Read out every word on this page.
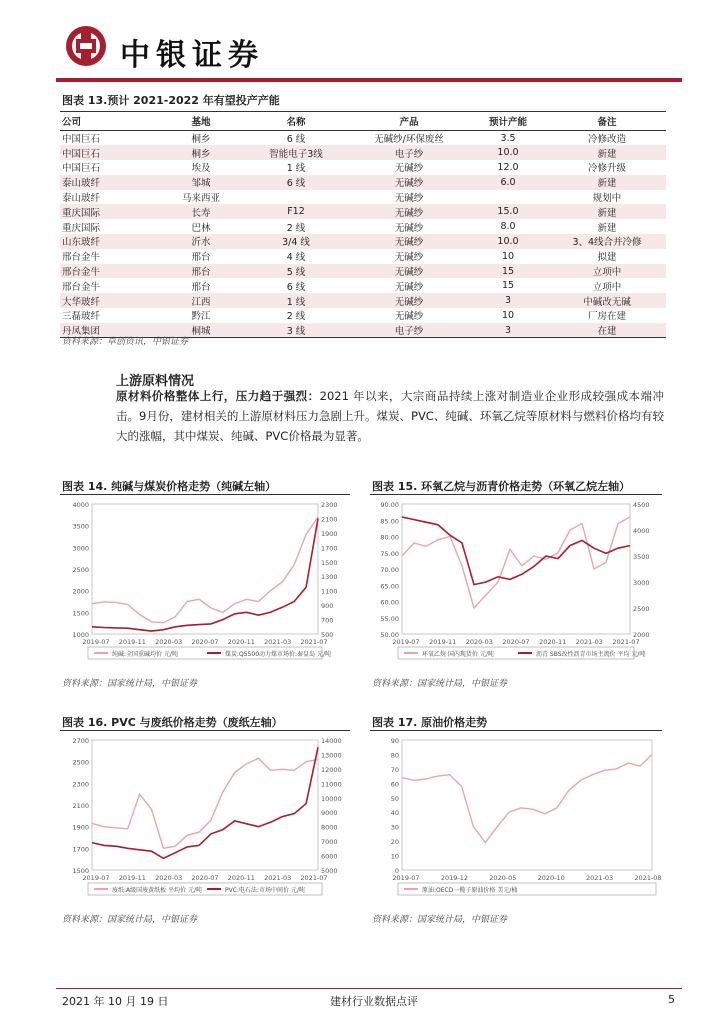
中银证券
图表 13.预计 2021-2022 年有望投产产能
公司	基地	名称	产品	预计产能	备注
中国巨石	桐乡	6 线	无碱纱/环保废丝	3.5	冷修改造
中国巨石	桐乡	智能电子3线	电子纱	10.0	新建
中国巨石	埃及	1 线	无碱纱	12.0	冷修升级
泰山玻纤	邹城	6 线	无碱纱	6.0	新建
泰山玻纤	马来西亚		无碱纱		规划中
重庆国际	长寿	F12	无碱纱	15.0	新建
重庆国际	巴林	2 线	无碱纱	8.0	新建
山东玻纤	沂水	3/4 线	无碱纱	10.0	3、4线合并冷修
邢台金牛	邢台	4 线	无碱纱	10	拟建
邢台金牛	邢台	5 线	无碱纱	15	立项中
邢台金牛	邢台	6 线	无碱纱	15	立项中
大华玻纤	江西	1 线	无碱纱	3	中碱改无碱
三磊玻纤	黔江	2 线	无碱纱	10	厂房在建
丹凤集团	桐城	3 线	电子纱	3	在建
资料来源：卓创资讯，中银证券
上游原料情况
原材料价格整体上行，压力趋于强烈：2021 年以来，大宗商品持续上涨对制造业企业形成较强成本端冲击。9月份，建材相关的上游原材料压力急剧上升。煤炭、PVC、纯碱、环氧乙烷等原材料与燃料价格均有较大的涨幅，其中煤炭、纯碱、PVC价格最为显著。
图表 14. 纯碱与煤炭价格走势（纯碱左轴）
4000
3500
3000
2500
2000
1500
1000
2300
2100
1900
1700
1500
1300
1100
900
700
500
2019-07 2019-11 2020-03 2020-07 2020-11 2021-03 2021-07
纯碱:全国重碱均价 元/吨	煤炭:Q5500动力煤市场价:秦皇岛 元/吨
资料来源：国家统计局，中银证券
图表 15. 环氧乙烷与沥青价格走势（环氧乙烷左轴）
90.00
85.00
80.00
75.00
70.00
65.00
60.00
55.00
50.00
4500
4000
3500
3000
2500
2000
2019-07 2019-11 2020-03 2020-07 2020-11 2021-03 2021-07
环氧乙烷 国内现货价 元/吨	沥青 SBS改性沥青市场主流价 平均 元/吨
资料来源：国家统计局，中银证券
图表 16. PVC 与废纸价格走势（废纸左轴）
2700
2500
2300
2100
1900
1700
1500
14000
13000
12000
11000
10000
9000
8000
7000
6000
5000
2019-07 2019-11 2020-03 2020-07 2020-11 2021-03 2021-07
废纸:A级国废黄纸板 平均价 元/吨	PVC:电石法:市场中间价 元/吨
资料来源：国家统计局，中银证券
图表 17. 原油价格走势
90
80
70
60
50
40
30
20
10
0
2019-07	2019-12	2020-05	2020-10	2021-03	2021-08
原油:OECD一揽子原油价格 美元/桶
资料来源：国家统计局，中银证券
2021 年 10 月 19 日	建材行业数据点评	5
